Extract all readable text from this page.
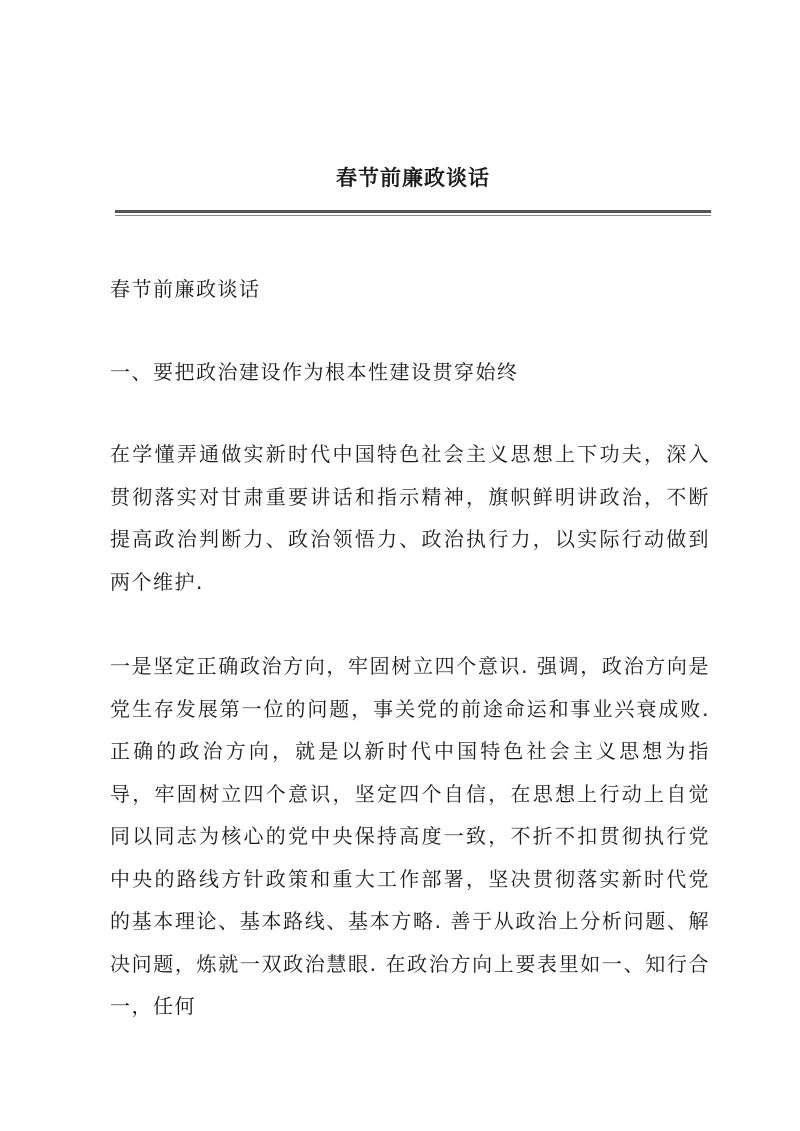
春节前廉政谈话

春节前廉政谈话

一、要把政治建设作为根本性建设贯穿始终

在学懂弄通做实新时代中国特色社会主义思想上下功夫，深入贯彻落实对甘肃重要讲话和指示精神，旗帜鲜明讲政治，不断提高政治判断力、政治领悟力、政治执行力，以实际行动做到两个维护.

一是坚定正确政治方向，牢固树立四个意识. 强调，政治方向是党生存发展第一位的问题，事关党的前途命运和事业兴衰成败. 正确的政治方向，就是以新时代中国特色社会主义思想为指导，牢固树立四个意识，坚定四个自信，在思想上行动上自觉同以同志为核心的党中央保持高度一致，不折不扣贯彻执行党中央的路线方针政策和重大工作部署，坚决贯彻落实新时代党的基本理论、基本路线、基本方略. 善于从政治上分析问题、解决问题，炼就一双政治慧眼. 在政治方向上要表里如一、知行合一，任何
